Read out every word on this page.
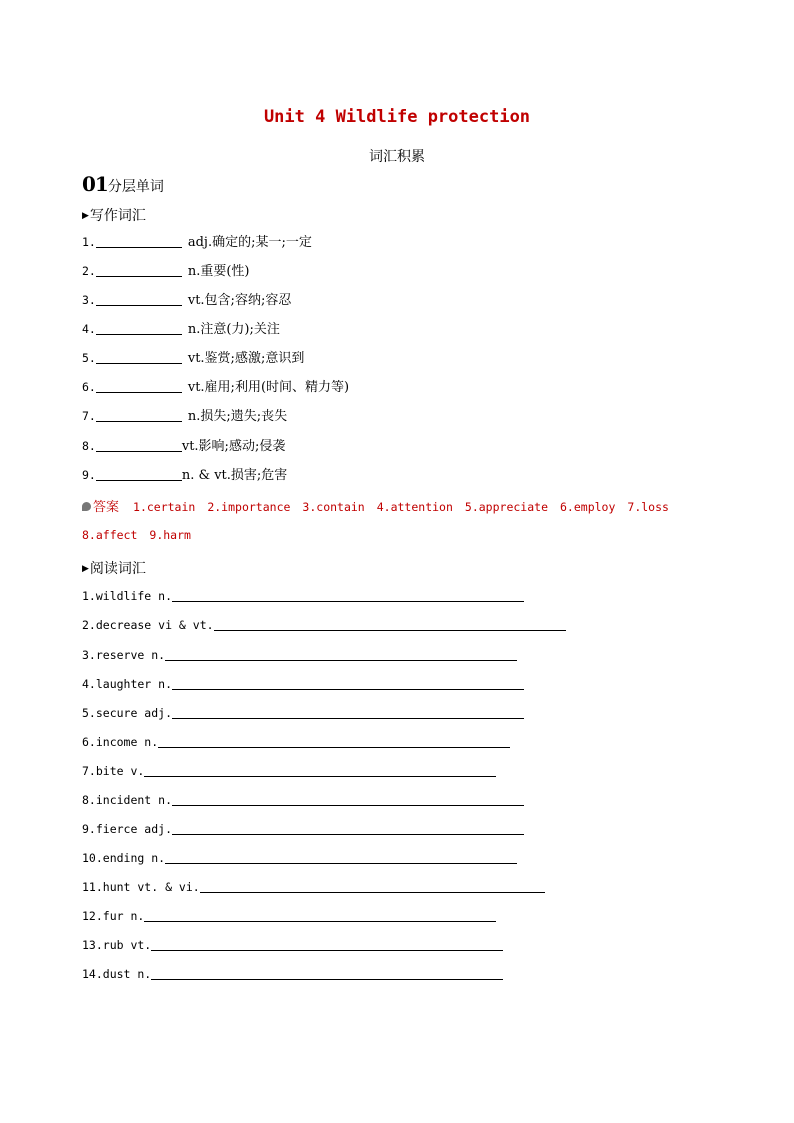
Unit 4 Wildlife protection
词汇积累
01分层单词
▶写作词汇
1.	adj.确定的;某一;一定
2.	n.重要(性)
3.	vt.包含;容纳;容忍
4.	n.注意(力);关注
5.	vt.鉴赏;感激;意识到
6.	vt.雇用;利用(时间、精力等)
7.	n.损失;遗失;丧失
8.	vt.影响;感动;侵袭
9.	n. & vt.损害;危害
答案 1.certain 2.importance 3.contain 4.attention 5.appreciate 6.employ 7.loss
8.affect 9.harm
▶阅读词汇
1.wildlife n.
2.decrease vi & vt.
3.reserve n.
4.laughter n.
5.secure adj.
6.income n.
7.bite v.
8.incident n.
9.fierce adj.
10.ending n.
11.hunt vt. & vi.
12.fur n.
13.rub vt.
14.dust n.
